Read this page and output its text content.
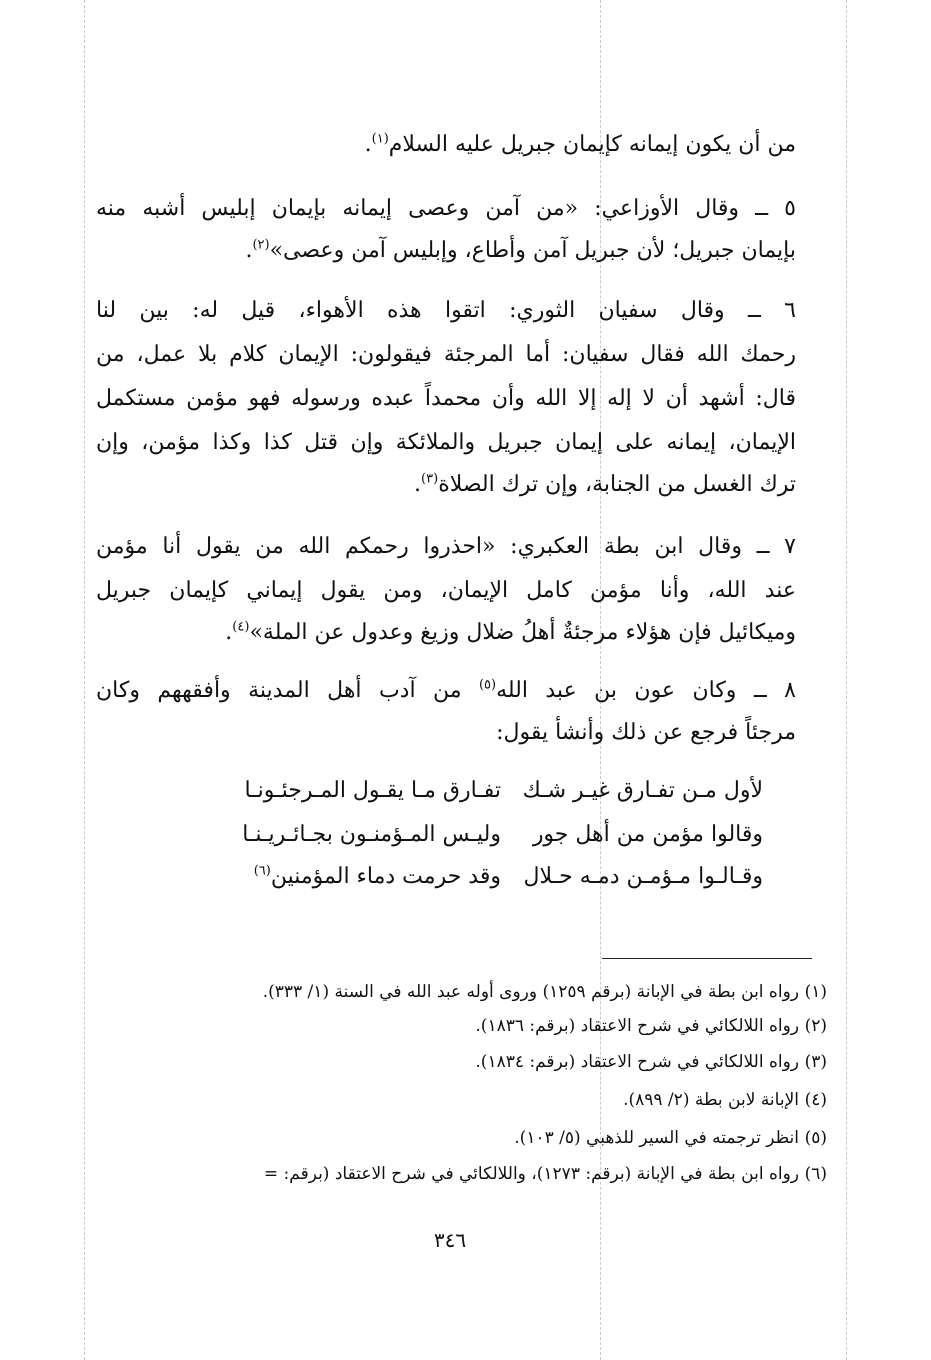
من أن يكون إيمانه كإيمان جبريل عليه السلام$^{(١)}$.
٥ ــ وقال الأوزاعي: «من آمن وعصى إيمانه بإيمان إبليس أشبه منه
بإيمان جبريل؛ لأن جبريل آمن وأطاع، وإبليس آمن وعصى»$^{(٢)}$.
٦ ــ وقال سفيان الثوري: اتقوا هذه الأهواء، قيل له: بين لنا
رحمك الله فقال سفيان: أما المرجئة فيقولون: الإيمان كلام بلا عمل، من
قال: أشهد أن لا إله إلا الله وأن محمداً عبده ورسوله فهو مؤمن مستكمل
الإيمان، إيمانه على إيمان جبريل والملائكة وإن قتل كذا وكذا مؤمن، وإن
ترك الغسل من الجنابة، وإن ترك الصلاة$^{(٣)}$.
٧ ــ وقال ابن بطة العكبري: «احذروا رحمكم الله من يقول أنا مؤمن
عند الله، وأنا مؤمن كامل الإيمان، ومن يقول إيماني كإيمان جبريل
وميكائيل فإن هؤلاء مرجئةٌ أهلُ ضلال وزيغ وعدول عن الملة»$^{(٤)}$.
٨ ــ وكان عون بن عبد الله$^{(٥)}$ من آدب أهل المدينة وأفقههم وكان
مرجئاً فرجع عن ذلك وأنشأ يقول:
لأول مـن تفـارق غيـر شـك
تفـارق مـا يقـول المـرجئـونـا
وقالوا مؤمن من أهل جور
وليـس المـؤمنـون بجـائـريـنـا
وقـالـوا مـؤمـن دمـه حـلال
وقد حرمت دماء المؤمنين$^{(٦)}$
(١)
رواه ابن بطة في الإبانة (برقم ١٢٥٩) وروى أوله عبد الله في السنة (١/ ٣٣٣).
(٢)
رواه اللالكائي في شرح الاعتقاد (برقم: ١٨٣٦).
(٣)
رواه اللالكائي في شرح الاعتقاد (برقم: ١٨٣٤).
(٤)
الإبانة لابن بطة (٢/ ٨٩٩).
(٥)
انظر ترجمته في السير للذهبي (٥/ ١٠٣).
(٦)
رواه ابن بطة في الإبانة (برقم: ١٢٧٣)، واللالكائي في شرح الاعتقاد (برقم: =
٣٤٦
